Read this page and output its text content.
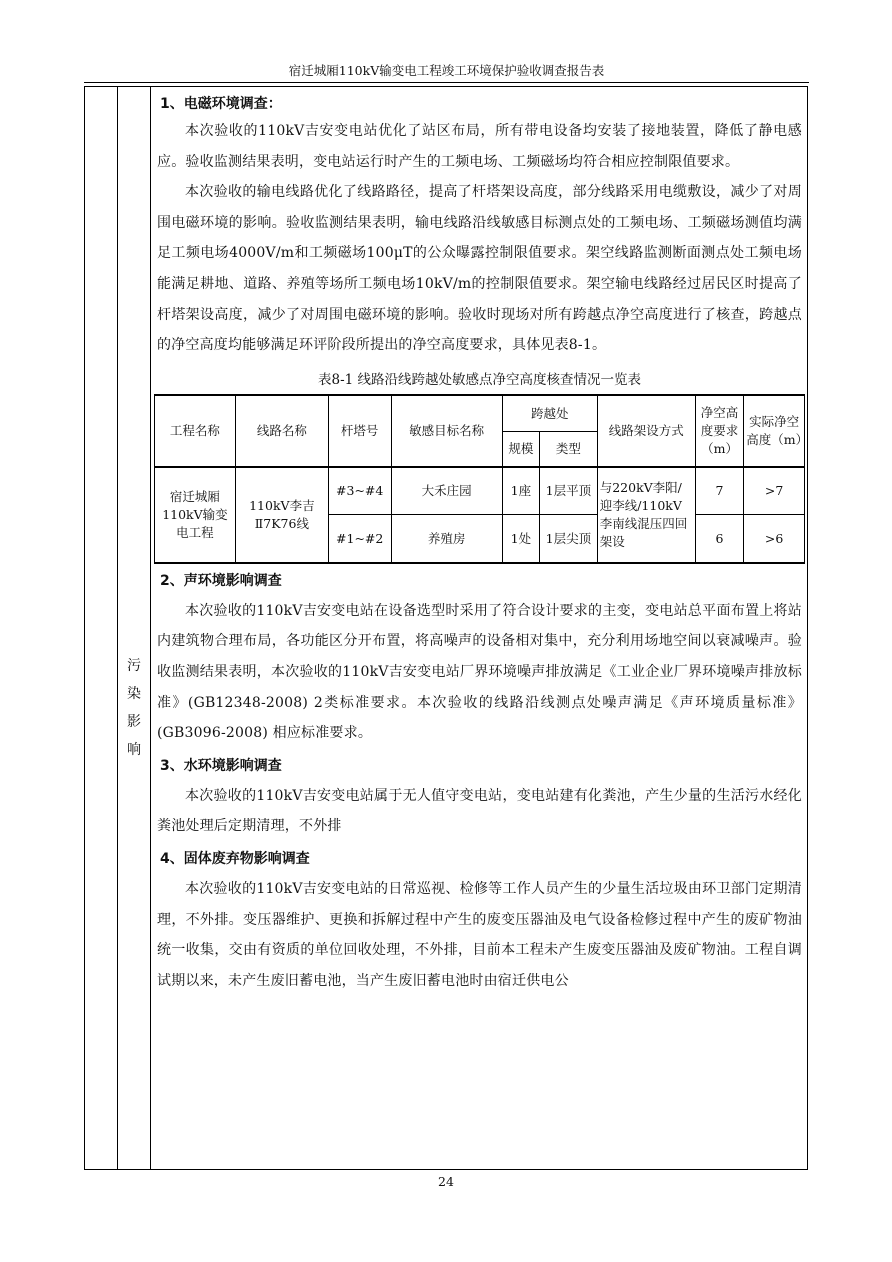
宿迁城厢110kV输变电工程竣工环境保护验收调查报告表
污
染
影
响

1、电磁环境调查：

本次验收的110kV吉安变电站优化了站区布局，所有带电设备均安装了接地装置，降低了静电感应。验收监测结果表明，变电站运行时产生的工频电场、工频磁场均符合相应控制限值要求。

本次验收的输电线路优化了线路路径，提高了杆塔架设高度，部分线路采用电缆敷设，减少了对周围电磁环境的影响。验收监测结果表明，输电线路沿线敏感目标测点处的工频电场、工频磁场测值均满足工频电场4000V/m和工频磁场100μT的公众曝露控制限值要求。架空线路监测断面测点处工频电场能满足耕地、道路、养殖等场所工频电场10kV/m的控制限值要求。架空输电线路经过居民区时提高了杆塔架设高度，减少了对周围电磁环境的影响。验收时现场对所有跨越点净空高度进行了核查，跨越点的净空高度均能够满足环评阶段所提出的净空高度要求，具体见表8-1。

表8-1 线路沿线跨越处敏感点净空高度核查情况一览表

工程名称	线路名称	杆塔号	敏感目标名称	跨越处		线路架设方式	净空高度要求（m）	实际净空高度（m）
				规模	类型			
宿迁城厢110kV输变电工程	110kV李吉Ⅱ7K76线	#3~#4	大禾庄园	1座	1层平顶	与220kV李阳/迎李线/110kV李南线混压四回架设	7	>7
		#1~#2	养殖房	1处	1层尖顶		6	>6

2、声环境影响调查

本次验收的110kV吉安变电站在设备选型时采用了符合设计要求的主变，变电站总平面布置上将站内建筑物合理布局，各功能区分开布置，将高噪声的设备相对集中，充分利用场地空间以衰减噪声。验收监测结果表明，本次验收的110kV吉安变电站厂界环境噪声排放满足《工业企业厂界环境噪声排放标准》(GB12348-2008) 2类标准要求。本次验收的线路沿线测点处噪声满足《声环境质量标准》(GB3096-2008) 相应标准要求。

3、水环境影响调查

本次验收的110kV吉安变电站属于无人值守变电站，变电站建有化粪池，产生少量的生活污水经化粪池处理后定期清理，不外排

4、固体废弃物影响调查

本次验收的110kV吉安变电站的日常巡视、检修等工作人员产生的少量生活垃圾由环卫部门定期清理，不外排。变压器维护、更换和拆解过程中产生的废变压器油及电气设备检修过程中产生的废矿物油统一收集，交由有资质的单位回收处理，不外排，目前本工程未产生废变压器油及废矿物油。工程自调试期以来，未产生废旧蓄电池，当产生废旧蓄电池时由宿迁供电公

24
